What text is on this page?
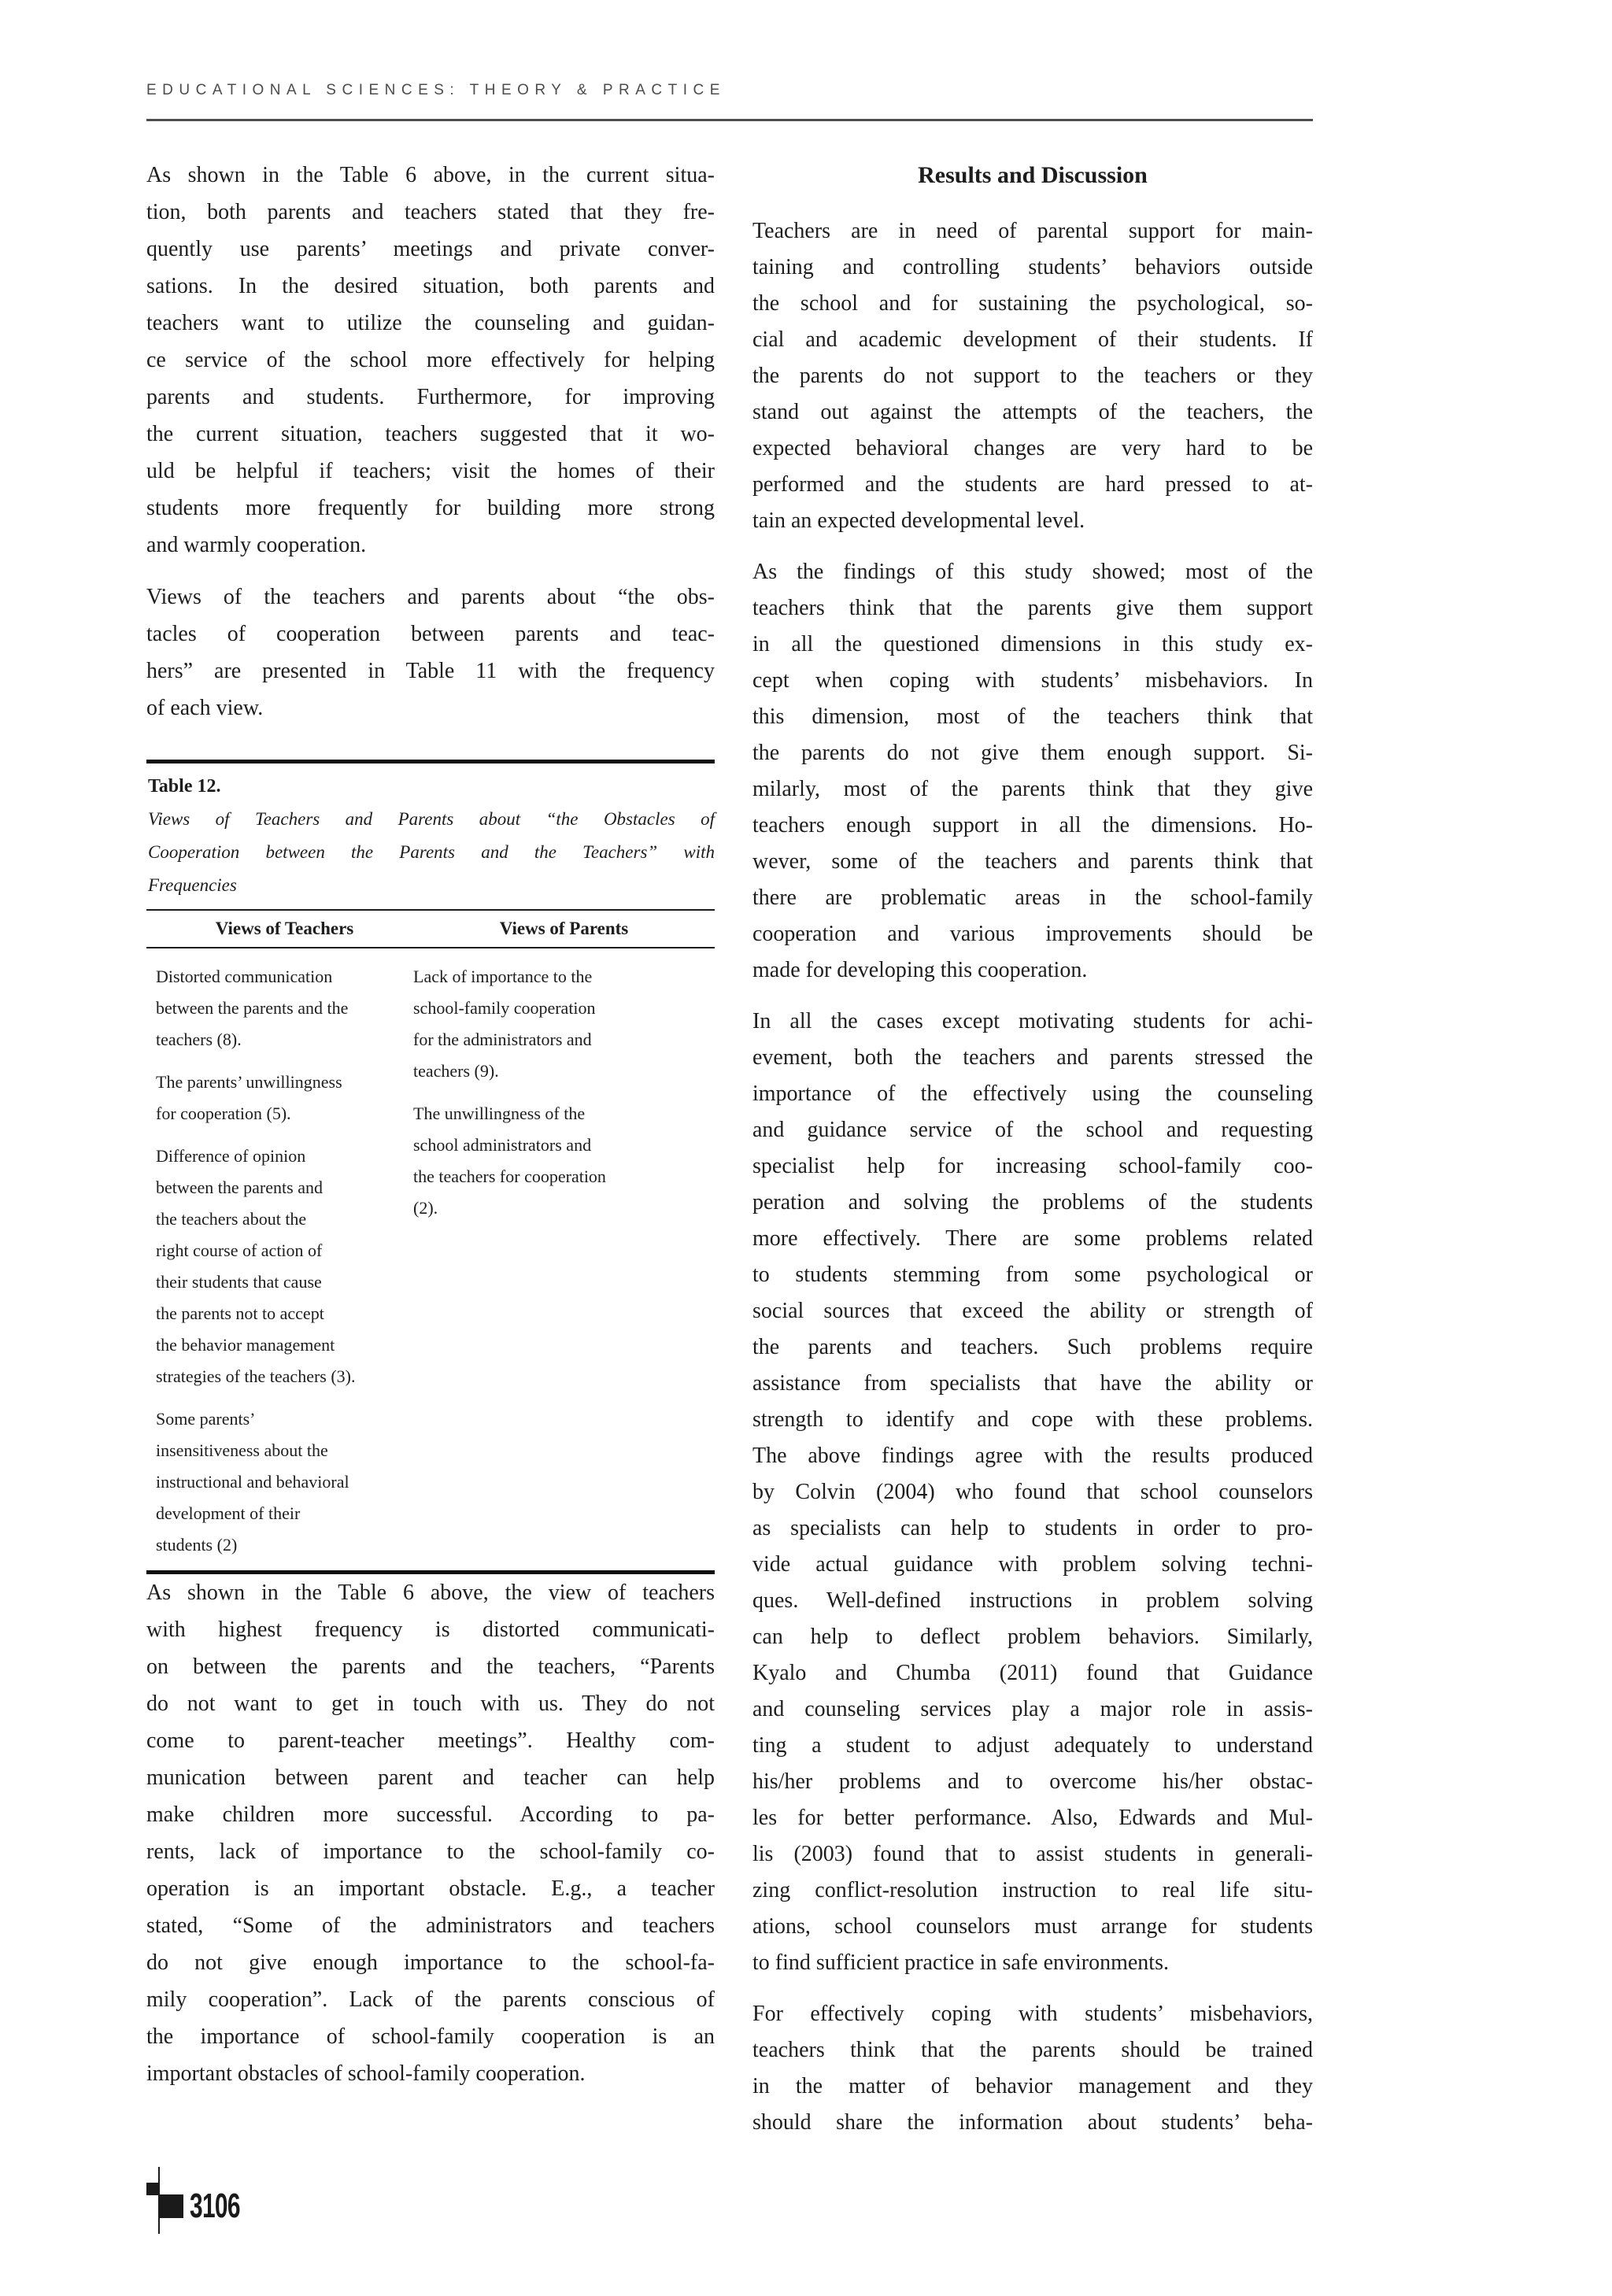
EDUCATIONAL SCIENCES: THEORY & PRACTICE
As shown in the Table 6 above, in the current situa-
tion, both parents and teachers stated that they fre-
quently use parents’ meetings and private conver-
sations. In the desired situation, both parents and
teachers want to utilize the counseling and guidan-
ce service of the school more effectively for helping
parents and students. Furthermore, for improving
the current situation, teachers suggested that it wo-
uld be helpful if teachers; visit the homes of their
students more frequently for building more strong
and warmly cooperation.
Views of the teachers and parents about “the obs-
tacles of cooperation between parents and teac-
hers” are presented in Table 11 with the frequency
of each view.
Table 12.
Views of Teachers and Parents about “the Obstacles of
Cooperation between the Parents and the Teachers” with
Frequencies
Views of Teachers	Views of Parents
Distorted communication
between the parents and the
teachers (8).
The parents’ unwillingness
for cooperation (5).
Difference of opinion
between the parents and
the teachers about the
right course of action of
their students that cause
the parents not to accept
the behavior management
strategies of the teachers (3).
Some parents’
insensitiveness about the
instructional and behavioral
development of their
students (2)
Lack of importance to the
school-family cooperation
for the administrators and
teachers (9).
The unwillingness of the
school administrators and
the teachers for cooperation
(2).
As shown in the Table 6 above, the view of teachers
with highest frequency is distorted communicati-
on between the parents and the teachers, “Parents
do not want to get in touch with us. They do not
come to parent-teacher meetings”. Healthy com-
munication between parent and teacher can help
make children more successful. According to pa-
rents, lack of importance to the school-family co-
operation is an important obstacle. E.g., a teacher
stated, “Some of the administrators and teachers
do not give enough importance to the school-fa-
mily cooperation”. Lack of the parents conscious of
the importance of school-family cooperation is an
important obstacles of school-family cooperation.
Results and Discussion
Teachers are in need of parental support for main-
taining and controlling students’ behaviors outside
the school and for sustaining the psychological, so-
cial and academic development of their students. If
the parents do not support to the teachers or they
stand out against the attempts of the teachers, the
expected behavioral changes are very hard to be
performed and the students are hard pressed to at-
tain an expected developmental level.
As the findings of this study showed; most of the
teachers think that the parents give them support
in all the questioned dimensions in this study ex-
cept when coping with students’ misbehaviors. In
this dimension, most of the teachers think that
the parents do not give them enough support. Si-
milarly, most of the parents think that they give
teachers enough support in all the dimensions. Ho-
wever, some of the teachers and parents think that
there are problematic areas in the school-family
cooperation and various improvements should be
made for developing this cooperation.
In all the cases except motivating students for achi-
evement, both the teachers and parents stressed the
importance of the effectively using the counseling
and guidance service of the school and requesting
specialist help for increasing school-family coo-
peration and solving the problems of the students
more effectively. There are some problems related
to students stemming from some psychological or
social sources that exceed the ability or strength of
the parents and teachers. Such problems require
assistance from specialists that have the ability or
strength to identify and cope with these problems.
The above findings agree with the results produced
by Colvin (2004) who found that school counselors
as specialists can help to students in order to pro-
vide actual guidance with problem solving techni-
ques. Well-defined instructions in problem solving
can help to deflect problem behaviors. Similarly,
Kyalo and Chumba (2011) found that Guidance
and counseling services play a major role in assis-
ting a student to adjust adequately to understand
his/her problems and to overcome his/her obstac-
les for better performance. Also, Edwards and Mul-
lis (2003) found that to assist students in generali-
zing conflict-resolution instruction to real life situ-
ations, school counselors must arrange for students
to find sufficient practice in safe environments.
For effectively coping with students’ misbehaviors,
teachers think that the parents should be trained
in the matter of behavior management and they
should share the information about students’ beha-
3106
